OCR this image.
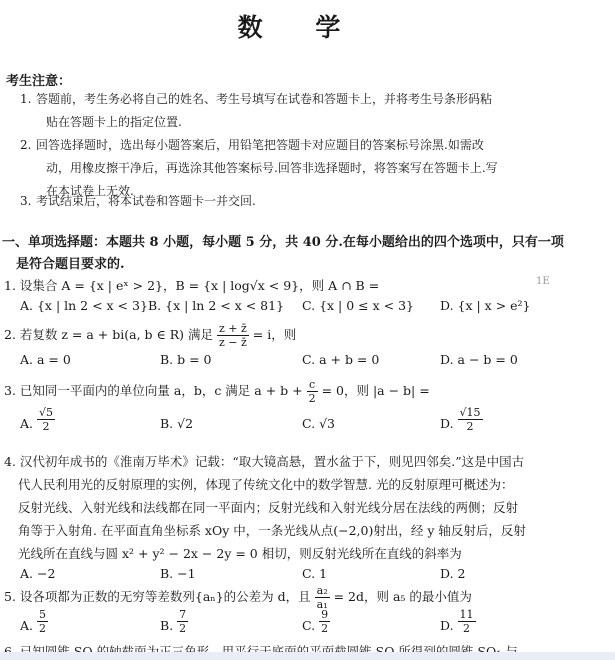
数 学
考生注意：
1. 答题前，考生务必将自己的姓名、考生号填写在试卷和答题卡上，并将考生号条形码粘
贴在答题卡上的指定位置.
2. 回答选择题时，选出每小题答案后，用铅笔把答题卡对应题目的答案标号涂黑.如需改
动，用橡皮擦干净后，再选涂其他答案标号.回答非选择题时，将答案写在答题卡上.写
在本试卷上无效.
3. 考试结束后，将本试卷和答题卡一并交回.
一、单项选择题：本题共 8 小题，每小题 5 分，共 40 分.在每小题给出的四个选项中，只有一项
是符合题目要求的.
1E
1. 设集合 A = {x | eˣ > 2}，B = {x | log√x < 9}，则 A ∩ B =
A. {x | ln 2 < x < 3} B. {x | ln 2 < x < 81} C. {x | 0 ≤ x < 3} D. {x | x > e²}
2. 若复数 z = a + bi(a, b ∈ R) 满足 $\frac{z + z̄}{z - z̄} = i$，则
A. a = 0	B. b = 0	C. a + b = 0	D. a − b = 0
3. 已知同一平面内的单位向量 a，b，c 满足 $a + b + \frac{c}{2} = 0$，则 |a − b| =
A. $\frac{√5}{2}$	B. √2	C. √3	D. $\frac{√15}{2}$
4. 汉代初年成书的《淮南万毕术》记载：“取大镜高悬，置水盆于下，则见四邻矣.”这是中国古
代人民利用光的反射原理的实例，体现了传统文化中的数学智慧. 光的反射原理可概述为：
反射光线、入射光线和法线都在同一平面内；反射光线和入射光线分居在法线的两侧；反射
角等于入射角. 在平面直角坐标系 xOy 中，一条光线从点(−2,0)射出，经 y 轴反射后，反射
光线所在直线与圆 x² + y² − 2x − 2y = 0 相切，则反射光线所在直线的斜率为
A. −2	B. −1	C. 1	D. 2
5. 设各项都为正数的无穷等差数列{aₙ}的公差为 d，且 $\frac{\text{a₂}}{\text{a₁}} = 2d$，则 a₅ 的最小值为
A. $\frac{5}{2}$	B. $\frac{7}{2}$	C. $\frac{9}{2}$	D. $\frac{11}{2}$
